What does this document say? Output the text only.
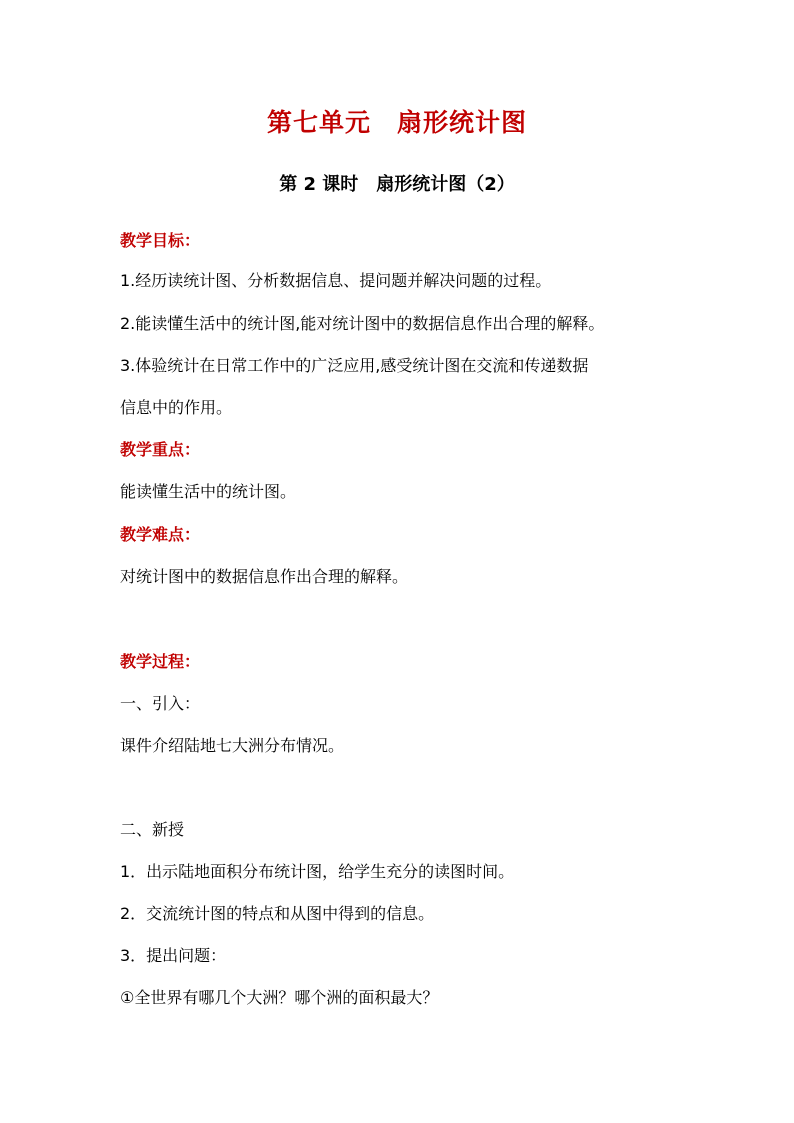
第七单元　扇形统计图
第 2 课时　扇形统计图（2）
教学目标：
1.经历读统计图、分析数据信息、提问题并解决问题的过程。
2.能读懂生活中的统计图,能对统计图中的数据信息作出合理的解释。
3.体验统计在日常工作中的广泛应用,感受统计图在交流和传递数据
信息中的作用。
教学重点：
能读懂生活中的统计图。
教学难点：
对统计图中的数据信息作出合理的解释。
教学过程：
一、引入：
课件介绍陆地七大洲分布情况。
二、新授
1．出示陆地面积分布统计图，给学生充分的读图时间。
2．交流统计图的特点和从图中得到的信息。
3．提出问题：
①全世界有哪几个大洲？哪个洲的面积最大？
